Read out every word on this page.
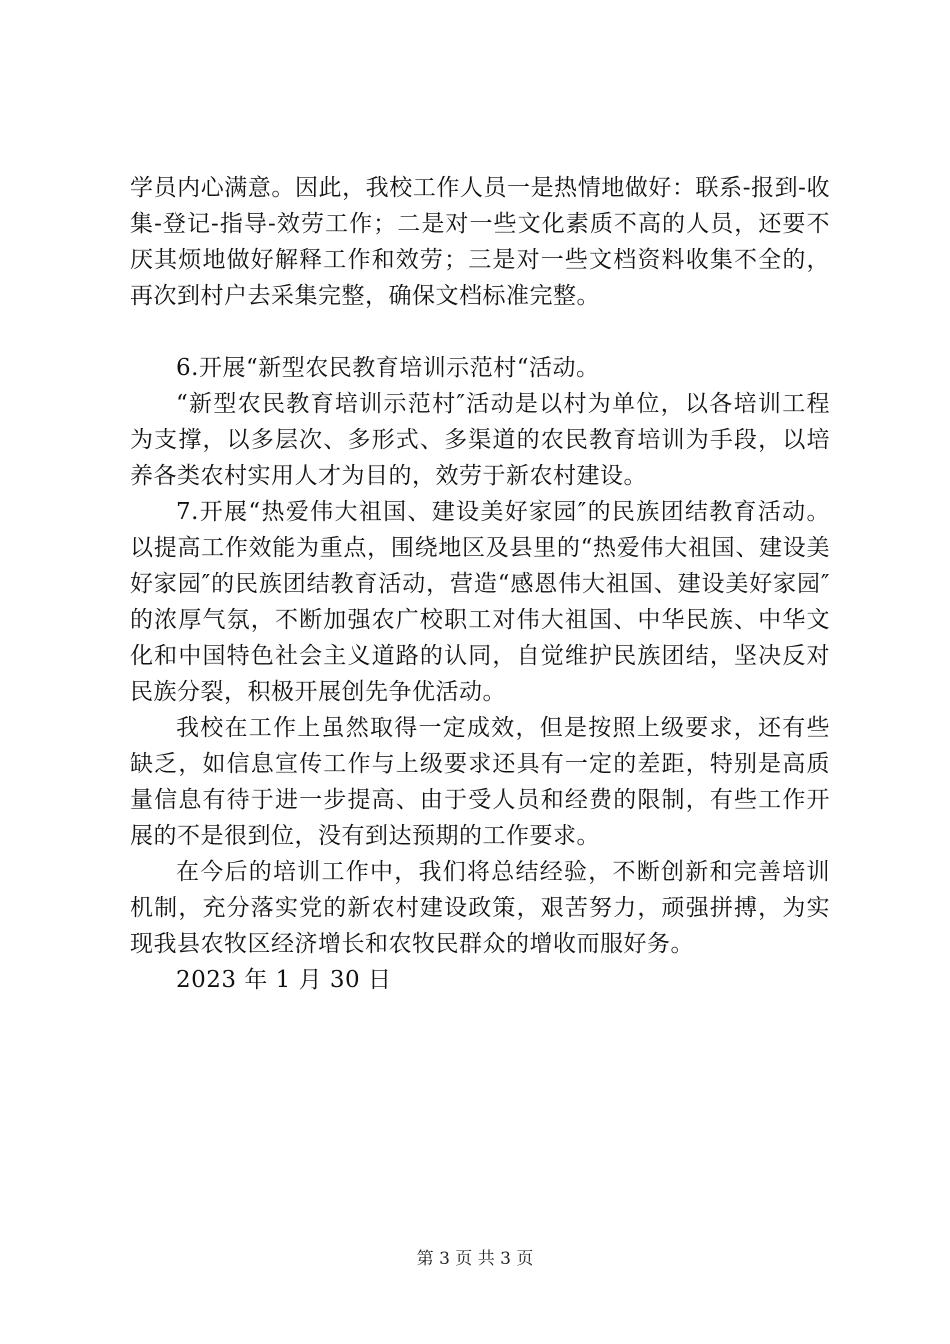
学员内心满意。因此，我校工作人员一是热情地做好：联系-报到-收集-登记-指导-效劳工作；二是对一些文化素质不高的人员，还要不厌其烦地做好解释工作和效劳；三是对一些文档资料收集不全的，再次到村户去采集完整，确保文档标准完整。

6.开展“新型农民教育培训示范村“活动。

“新型农民教育培训示范村″活动是以村为单位，以各培训工程为支撑，以多层次、多形式、多渠道的农民教育培训为手段，以培养各类农村实用人才为目的，效劳于新农村建设。

7.开展“热爱伟大祖国、建设美好家园″的民族团结教育活动。以提高工作效能为重点，围绕地区及县里的“热爱伟大祖国、建设美好家园″的民族团结教育活动，营造“感恩伟大祖国、建设美好家园″的浓厚气氛，不断加强农广校职工对伟大祖国、中华民族、中华文化和中国特色社会主义道路的认同，自觉维护民族团结，坚决反对民族分裂，积极开展创先争优活动。

我校在工作上虽然取得一定成效，但是按照上级要求，还有些缺乏，如信息宣传工作与上级要求还具有一定的差距，特别是高质量信息有待于进一步提高、由于受人员和经费的限制，有些工作开展的不是很到位，没有到达预期的工作要求。

在今后的培训工作中，我们将总结经验，不断创新和完善培训机制，充分落实党的新农村建设政策，艰苦努力，顽强拼搏，为实现我县农牧区经济增长和农牧民群众的增收而服好务。

2023 年 1 月 30 日

第 3 页 共 3 页
